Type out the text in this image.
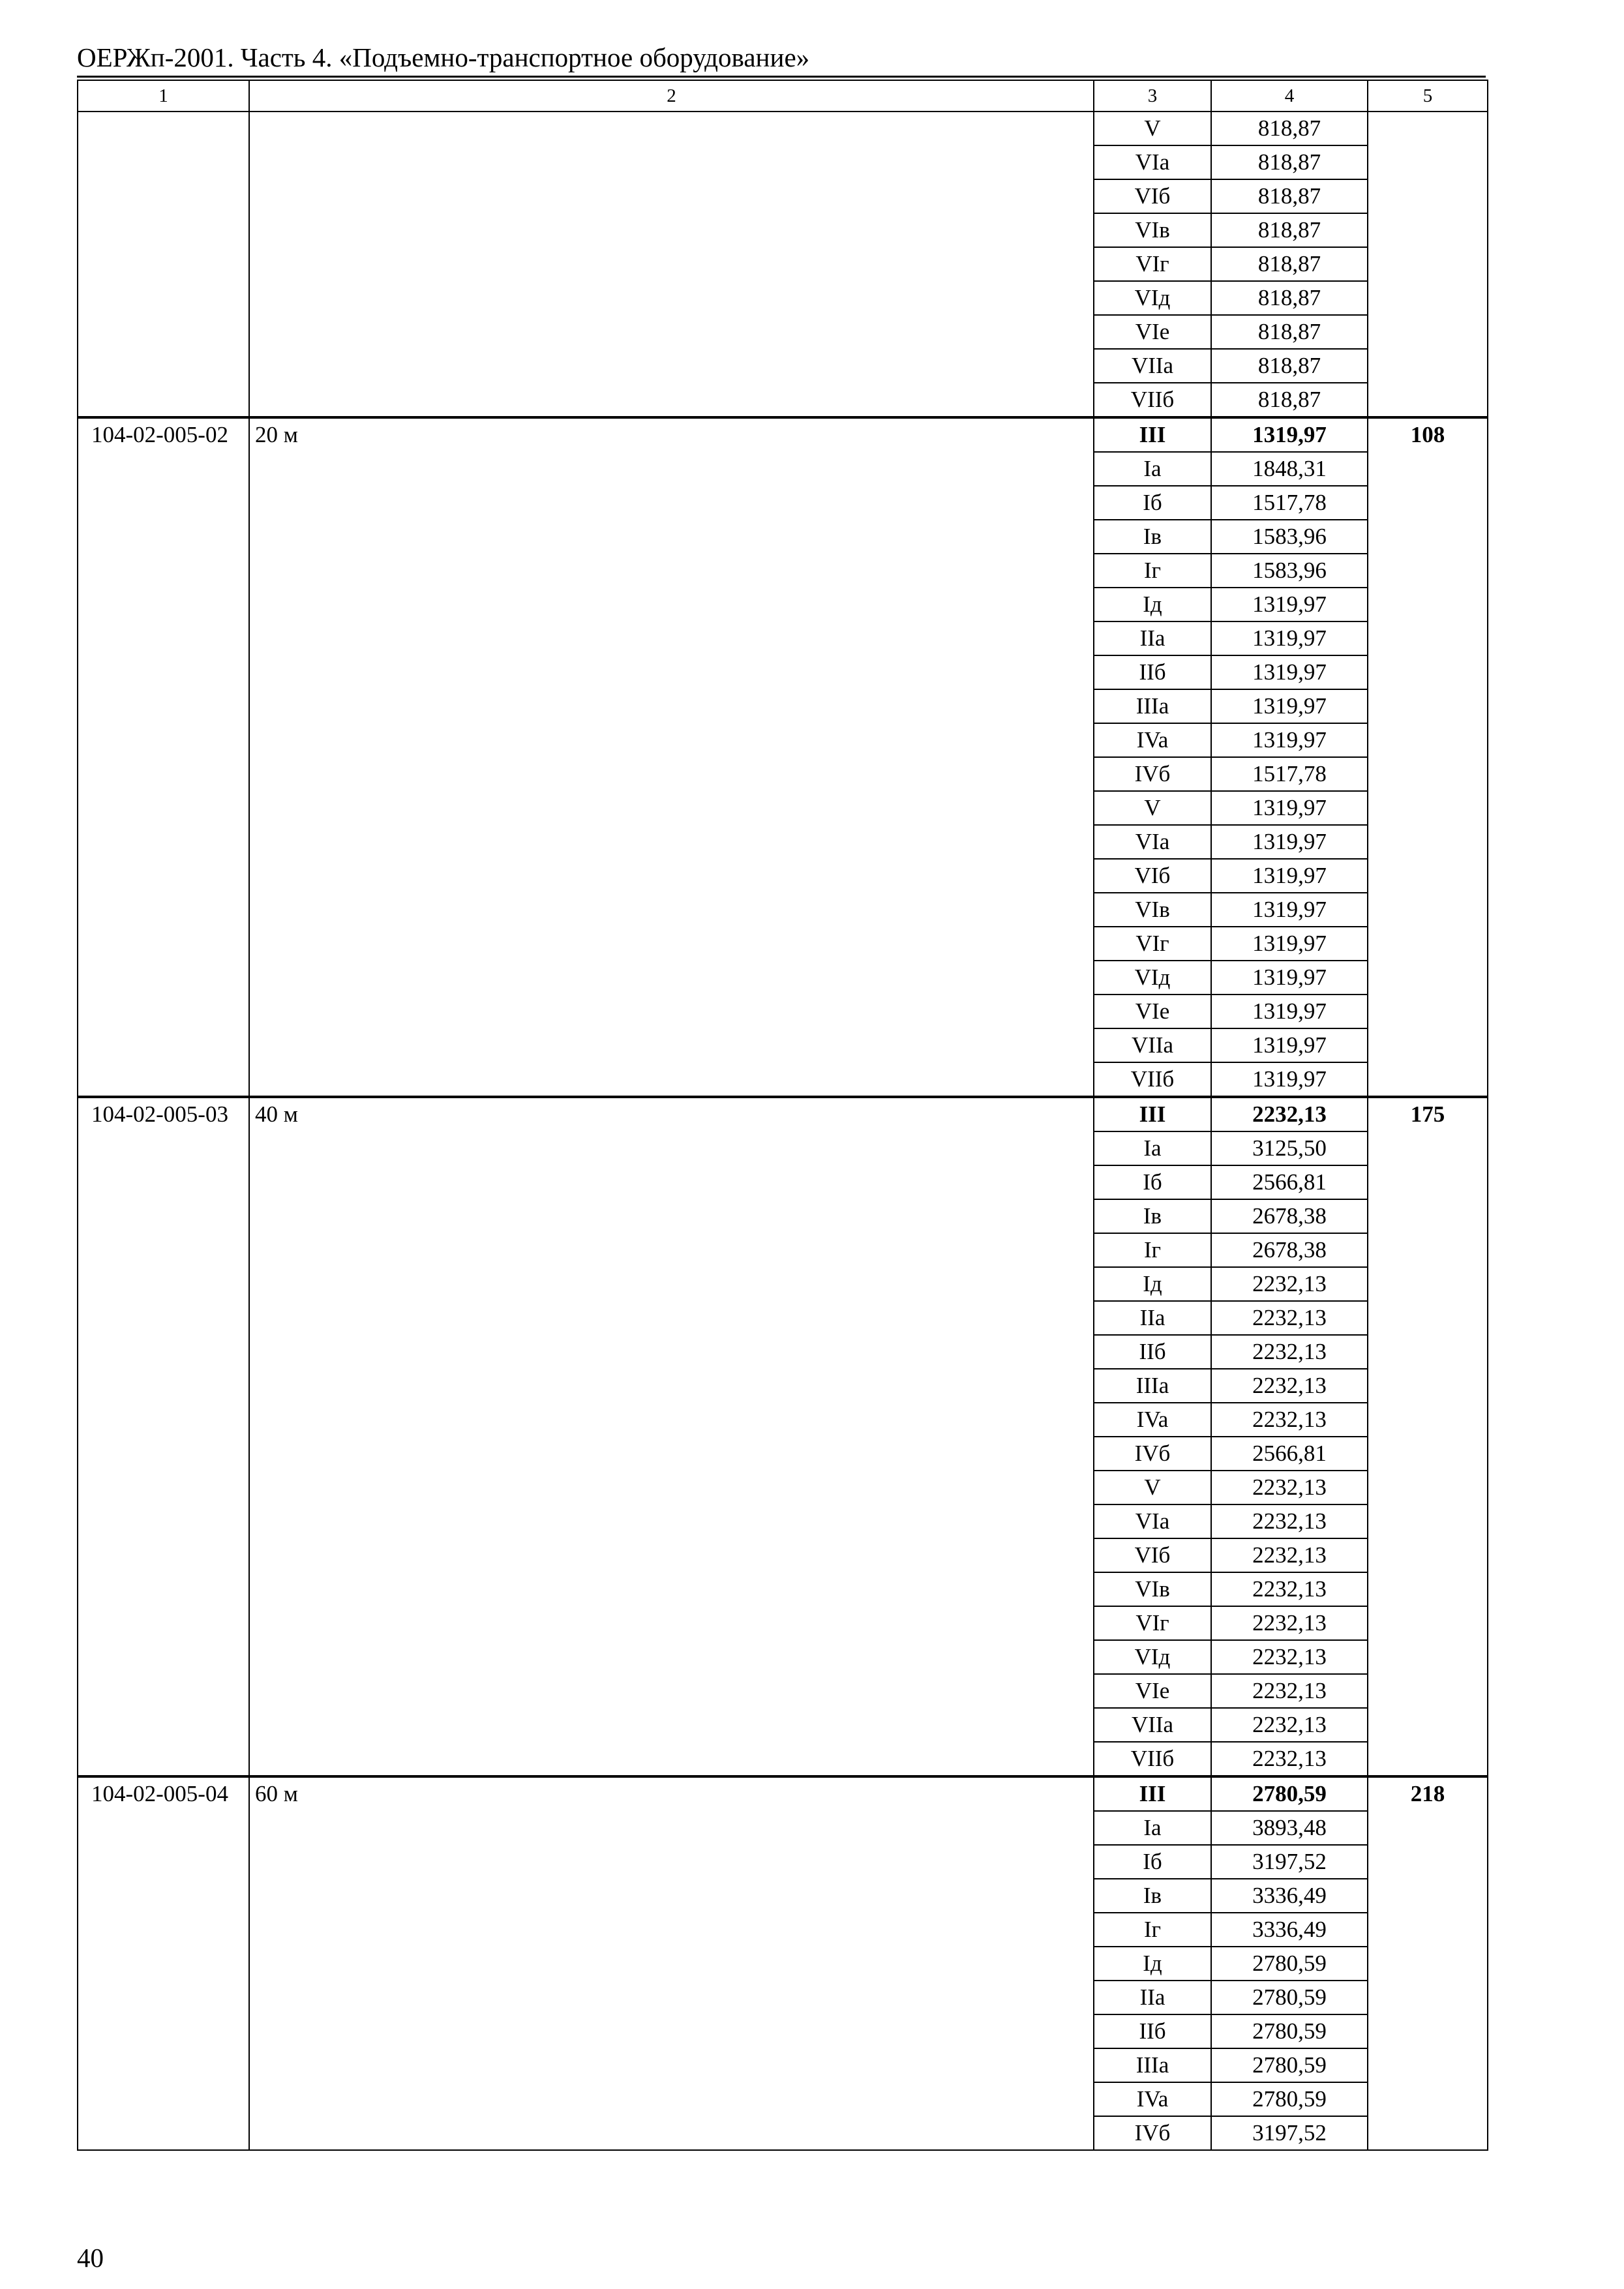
ОЕРЖп-2001. Часть 4. «Подъемно-транспортное оборудование»
1	2	3	4	5
		V	818,87	
		VIa	818,87	
		VIб	818,87	
		VIв	818,87	
		VIг	818,87	
		VIд	818,87	
		VIe	818,87	
		VIIa	818,87	
		VIIб	818,87	
104-02-005-02	20 м	III	1319,97	108
		Ia	1848,31	
		Iб	1517,78	
		Iв	1583,96	
		Iг	1583,96	
		Iд	1319,97	
		IIa	1319,97	
		IIб	1319,97	
		IIIa	1319,97	
		IVa	1319,97	
		IVб	1517,78	
		V	1319,97	
		VIa	1319,97	
		VIб	1319,97	
		VIв	1319,97	
		VIг	1319,97	
		VIд	1319,97	
		VIe	1319,97	
		VIIa	1319,97	
		VIIб	1319,97	
104-02-005-03	40 м	III	2232,13	175
		Ia	3125,50	
		Iб	2566,81	
		Iв	2678,38	
		Iг	2678,38	
		Iд	2232,13	
		IIa	2232,13	
		IIб	2232,13	
		IIIa	2232,13	
		IVa	2232,13	
		IVб	2566,81	
		V	2232,13	
		VIa	2232,13	
		VIб	2232,13	
		VIв	2232,13	
		VIг	2232,13	
		VIд	2232,13	
		VIe	2232,13	
		VIIa	2232,13	
		VIIб	2232,13	
104-02-005-04	60 м	III	2780,59	218
		Ia	3893,48	
		Iб	3197,52	
		Iв	3336,49	
		Iг	3336,49	
		Iд	2780,59	
		IIa	2780,59	
		IIб	2780,59	
		IIIa	2780,59	
		IVa	2780,59	
		IVб	3197,52	
40
